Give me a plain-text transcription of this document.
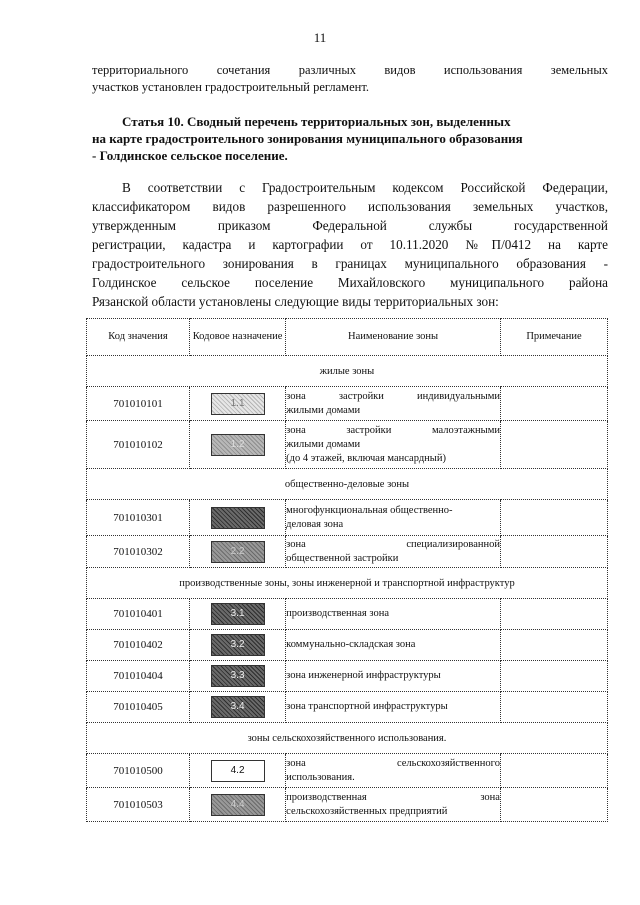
11
территориального сочетания различных видов использования земельных
участков установлен градостроительный регламент.
Статья 10. Сводный перечень территориальных зон, выделенных
на карте градостроительного зонирования муниципального образования
- Голдинское сельское поселение.
В соответствии с Градостроительным кодексом Российской Федерации,
классификатором видов разрешенного использования земельных участков,
утвержденным приказом Федеральной службы государственной
регистрации, кадастра и картографии от 10.11.2020 №П/0412 на карте
градостроительного зонирования в границах муниципального образования -
Голдинское сельское поселение Михайловского муниципального района
Рязанской области установлены следующие виды территориальных зон:
Код значения	Кодовое назначение	Наименование зоны	Примечание
жилые зоны			
701010101	1.1	зона застройки индивидуальными
жилыми домами	

701010102	1.2	зона застройки малоэтажными
жилыми домами
(до 4 этажей, включая мансардный)	

общественно-деловые зоны			
701010301		многофункциональная общественно-
деловая зона	

701010302	2.2	зона специализированной
общественной застройки	

производственные зоны, зоны инженерной и транспортной инфраструктур			
701010401	3.1	производственная зона	
701010402	3.2	коммунально-складская зона	
701010404	3.3	зона инженерной инфраструктуры	
701010405	3.4	зона транспортной инфраструктуры	
зоны сельскохозяйственного использования.			
701010500	4.2	зона сельскохозяйственного
использования.	

701010503	4.4	производственная зона
сельскохозяйственных предприятий	
